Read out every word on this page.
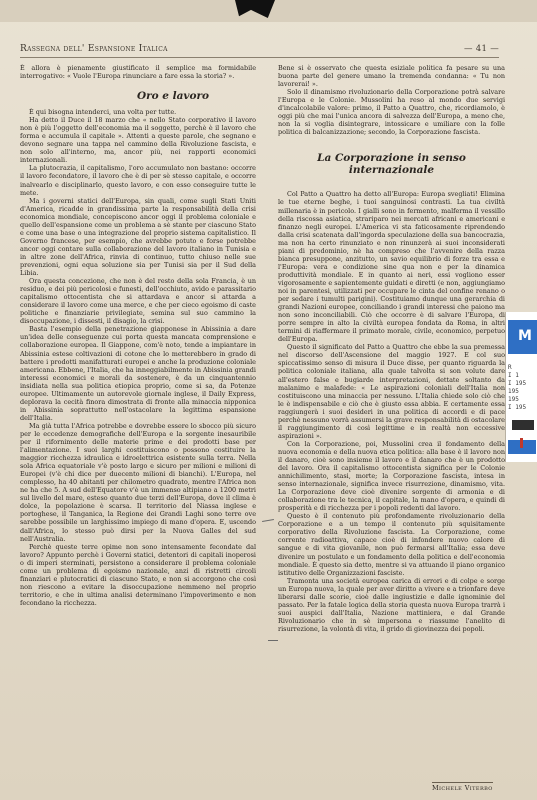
Rassegna dell' Espansione Italica	— 41 —

È allora è pienamente giustificato il semplice ma formidabile interrogativo: « Vuole l'Europa rinunciare a fare essa la storia? ».

Oro e lavoro

È qui bisogna intenderci, una volta per tutte.

Ha detto il Duce il 18 marzo che « nello Stato corporativo il lavoro non è più l'oggetto dell'economia ma il soggetto, perchè è il lavoro che forma e accumula il capitale ». Attenti a queste parole, che segnano e devono segnare una tappa nel cammino della Rivoluzione fascista, e non solo all'interno, ma, ancor più, nei rapporti economici internazionali.

La plutocrazia, il capitalismo, l'oro accumulato non bastano: occorre il lavoro fecondatore, il lavoro che è di per sè stesso capitale, e occorre inalvearlo e disciplinarlo, questo lavoro, e con esso conseguire tutte le mete.

Ma i governi statici dell'Europa, sin quali, come sugli Stati Uniti d'America, ricadde in grandissima parte la responsabilità della crisi economica mondiale, concepiscono ancor oggi il problema coloniale e quello dell'espansione come un problema a sè stante per ciascuno Stato e come una base o una integrazione del proprio sistema capitalistico. Il Governo francese, per esempio, che avrebbe potuto e forse potrebbe ancor oggi contare sulla collaborazione del lavoro italiano in Tunisia e in altre zone dell'Africa, rinvia di continuo, tutto chiuso nelle sue prevenzioni, ogni equa soluzione sia per Tunisi sia per il Sud della Libia.

Ora questa concezione, che non è del resto della sola Francia, è un residuo, e dei più pericolosi e funesti, dell'occhiuto, avido e parassitario capitalismo ottocentista che si attardava e ancor si attarda a considerare il lavoro come una merce, e che per cieco egoismo di caste politiche e finanziarie privilegiate, semina sul suo cammino la disoccupazione, i dissesti, il disagio, la crisi.

Basta l'esempio della penetrazione giapponese in Abissinia a dare un'idea delle conseguenze cui porta questa mancata comprensione e collaborazione europea. Il Giappone, com'è noto, tende a impiantare in Abissinia estese coltivazioni di cotone che lo metterebbero in grado di battere i prodotti manifatturati europei e anche la produzione coloniale americana. Ebbene, l'Italia, che ha inneggiabilmente in Abissinia grandi interessi economici e morali da sostenere, è da un cinquantennio insidiata nella sua politica etiopica proprio, come si sa, da Potenze europee. Ultimamente un autorevole giornale inglese, il Daily Express, deplorava la cecità finora dimostrata di fronte alla minaccia nipponica in Abissinia soprattutto nell'ostacolare la legittima espansione dell'Italia.

Ma già tutta l'Africa potrebbe e dovrebbe essere lo sbocco più sicuro per le eccedenze demografiche dell'Europa e la sorgente inesauribile per il rifornimento delle materie prime e dei prodotti base per l'alimentazione. I suoi larghi costituiscono o possono costituire la maggior ricchezza idraulica e idroelettrica esistente sulla terra. Nella sola Africa equatoriale v'è posto largo e sicuro per milioni e milioni di Europei (v'è chi dice per duecento milioni di bianchi). L'Europa, nel complesso, ha 40 abitanti per chilometro quadrato, mentre l'Africa non ne ha che 5. A sud dell'Equatore v'è un immenso altipiano a 1200 metri sul livello del mare, esteso quanto due terzi dell'Europa, dove il clima è dolce, la popolazione è scarsa. Il territorio del Niassa inglese e portoghese, il Tanganica, la Regione dei Grandi Laghi sono terre ove sarebbe possibile un larghissimo impiego di mano d'opera. E, uscendo dall'Africa, lo stesso può dirsi per la Nuova Galles del sud nell'Australia.

Perchè queste terre opime non sono intensamente fecondate dal lavoro? Appunto perchè i Governi statici, detentori di capitali inoperosi o di imperi sterminati, persistono a considerare il problema coloniale come un problema di egoismo nazionale, anzi di ristretti circoli finanziari e plutocratici di ciascuno Stato, e non si accorgono che così non riescono a evitare la disoccupazione nemmeno nel proprio territorio, e che in ultima analisi determinano l'impoverimento e non fecondano la ricchezza.

Bene si è osservato che questa esiziale politica fa pesare su una buona parte del genere umano la tremenda condanna: « Tu non lavorerai! ».

Solo il dinamismo rivoluzionario della Corporazione potrà salvare l'Europa e le Colonie. Mussolini ha reso al mondo due servigi d'incalcolabile valore: primo, il Patto a Quattro, che, ricordiamolo, è oggi più che mai l'unica ancora di salvezza dell'Europa, a meno che, non la si voglia disintegrare, intossicare e umiliare con la folle politica di balcanizzazione; secondo, la Corporazione fascista.

La Corporazione in senso internazionale

Col Patto a Quattro ha detto all'Europa: Europa svegliati! Elimina le tue eterne beghe, i tuoi sanguinosi contrasti. La tua civiltà millenaria è in pericolo. I gialli sono in fermento, malferma il vessillo della riscossa asiatica, strariparo nei mercati africani e americani e finanzo negli europei. L'America vi sta faticosamente riprendendo dalla crisi scatenata dall'ingorda speculazione della sua bancocrazia, ma non ha certo rinunziato e non rinunzerà ai suoi inconsiderati piani di predominio, nè ha compreso che l'avvenire della razza bianca presuppone, anzitutto, un savio equilibrio di forze tra essa e l'Europa: vera e condizione sine qua non e per la dinamica produttività mondiale. E in quanto ai neri, essi vogliono esser vigorosamente e sapientemente guidati e diretti (e non, aggiungiamo noi in parentesi, utilizzati per occupare le cinta del confine renano o per sedare i tumulti parigini). Costituiamo dunque una gerarchia di grandi Nazioni europee, conciliando i grandi interessi che paiono ma non sono inconciliabili. Ciò che occorre è di salvare l'Europa, di porre sempre in alto la civiltà europea fondata da Roma, in altri termini di riaffermare il primato morale, civile, economico, perpetuo dell'Europa.

Questo il significato del Patto a Quattro che ebbe la sua premessa nel discorso dell'Ascensione del maggio 1927. E col suo spiccatissimo senso di misura il Duce disse, per quanto riguarda la politica coloniale italiana, alla quale talvolta si son volute dare all'estero false e bugiarde interpretazioni, dettate soltanto da malanimo e malafede: « Le aspirazioni coloniali dell'Italia non costituiscono una minaccia per nessuno. L'Italia chiede solo ciò che le è indispensabile e ciò che è giusto essa abbia. E certamente essa raggiungerà i suoi desideri in una politica di accordi e di pace perchè nessuno vorrà assumersi la grave responsabilità di ostacolare il raggiungimento di così legittime e in realtà non eccessive aspirazioni ».

Con la Corporazione, poi, Mussolini crea il fondamento della nuova economia e della nuova etica politica: alla base è il lavoro non il danaro, cioè sono insieme il lavoro e il danaro che è un prodotto del lavoro. Ora il capitalismo ottocentista significa per le Colonie annichilimento, stasi, morte; la Corporazione fascista, intesa in senso internazionale, significa invece risurrezione, dinamismo, vita. La Corporazione deve cioè divenire sorgente di armonia e di collaborazione tra le tecnica, il capitale, la mano d'opera, e quindi di prosperità e di ricchezza per i popoli redenti dal lavoro.

Questo è il contenuto più profondamente rivoluzionario della Corporazione e a un tempo il contenuto più squisitamente corporativo della Rivoluzione fascista. La Corporazione, come corrente radioattiva, capace cioè di infondere nuovo calore di sangue e di vita giovanile, non può fermarsi all'Italia; essa deve divenire un postulato e un fondamento della politica e dell'economia mondiale. È questo sia detto, mentre si va attuando il piano organico istitutivo delle Organizzazioni fasciste.

Tramonta una società europea carica di errori e di colpe e sorge un Europa nuova, la quale per aver diritto a vivere e a trionfare deve liberarsi dalle scorie, cioè dalle ingiustizie e dalle ignominie del passato. Per la fatale logica della storia questa nuova Europa trarrà i suoi auspici dall'Italia, Nazione mattiniera, e dal Grande Rivoluzionario che in sè impersona e riassume l'anelito di risurrezione, la volontà di vita, il grido di giovinezza dei popoli.

Michele Viterbo
M
R
I 1
I 195
195
195
I 195
